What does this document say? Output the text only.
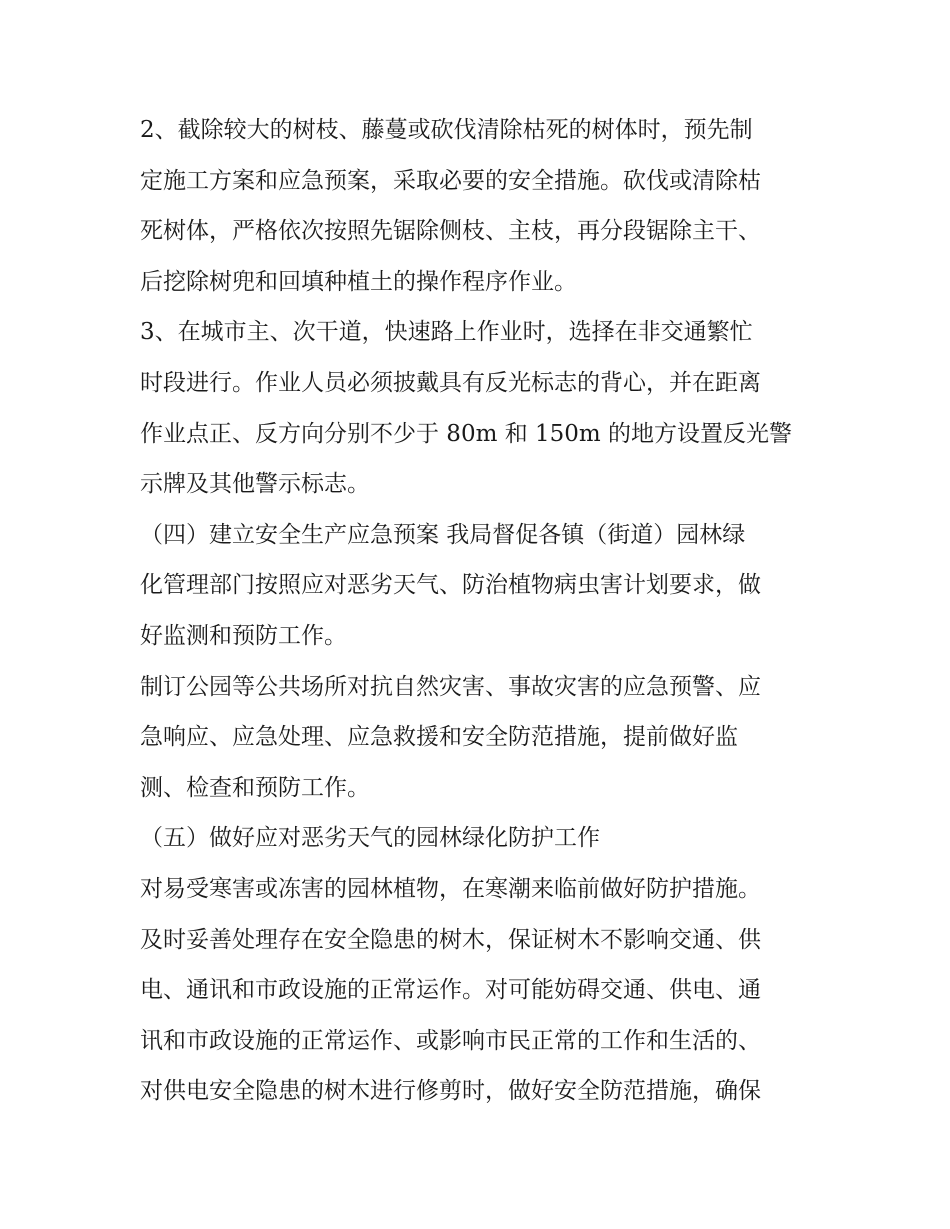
2、截除较大的树枝、藤蔓或砍伐清除枯死的树体时，预先制
定施工方案和应急预案，采取必要的安全措施。砍伐或清除枯
死树体，严格依次按照先锯除侧枝、主枝，再分段锯除主干、
后挖除树兜和回填种植土的操作程序作业。
3、在城市主、次干道，快速路上作业时，选择在非交通繁忙
时段进行。作业人员必须披戴具有反光标志的背心，并在距离
作业点正、反方向分别不少于 80m 和 150m 的地方设置反光警
示牌及其他警示标志。
（四）建立安全生产应急预案 我局督促各镇（街道）园林绿
化管理部门按照应对恶劣天气、防治植物病虫害计划要求，做
好监测和预防工作。
制订公园等公共场所对抗自然灾害、事故灾害的应急预警、应
急响应、应急处理、应急救援和安全防范措施，提前做好监
测、检查和预防工作。
（五）做好应对恶劣天气的园林绿化防护工作
对易受寒害或冻害的园林植物，在寒潮来临前做好防护措施。
及时妥善处理存在安全隐患的树木，保证树木不影响交通、供
电、通讯和市政设施的正常运作。对可能妨碍交通、供电、通
讯和市政设施的正常运作、或影响市民正常的工作和生活的、
对供电安全隐患的树木进行修剪时，做好安全防范措施，确保
